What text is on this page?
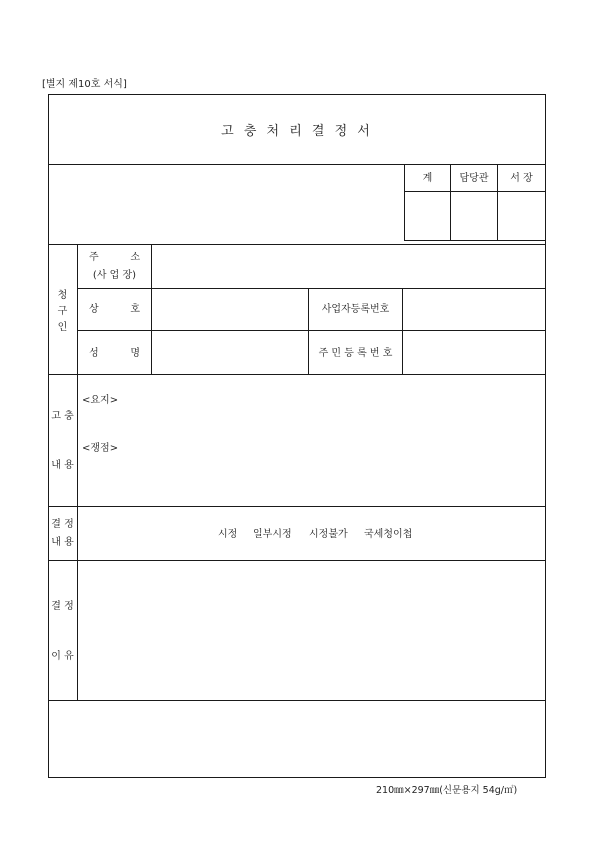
[별지 제10호 서식]
고 충 처 리 결 정 서
계	담당관	서 장
청
구
인
주          소
(사 업 장)
상          호	사업자등록번호
성          명	주 민 등 록 번 호
고 충
내 용
<요지>
<쟁점>
결 정
내 용
시정 일부시정 시정불가 국세청이첩
결 정
이 유
210㎜×297㎜(신문용지 54g/㎡)
